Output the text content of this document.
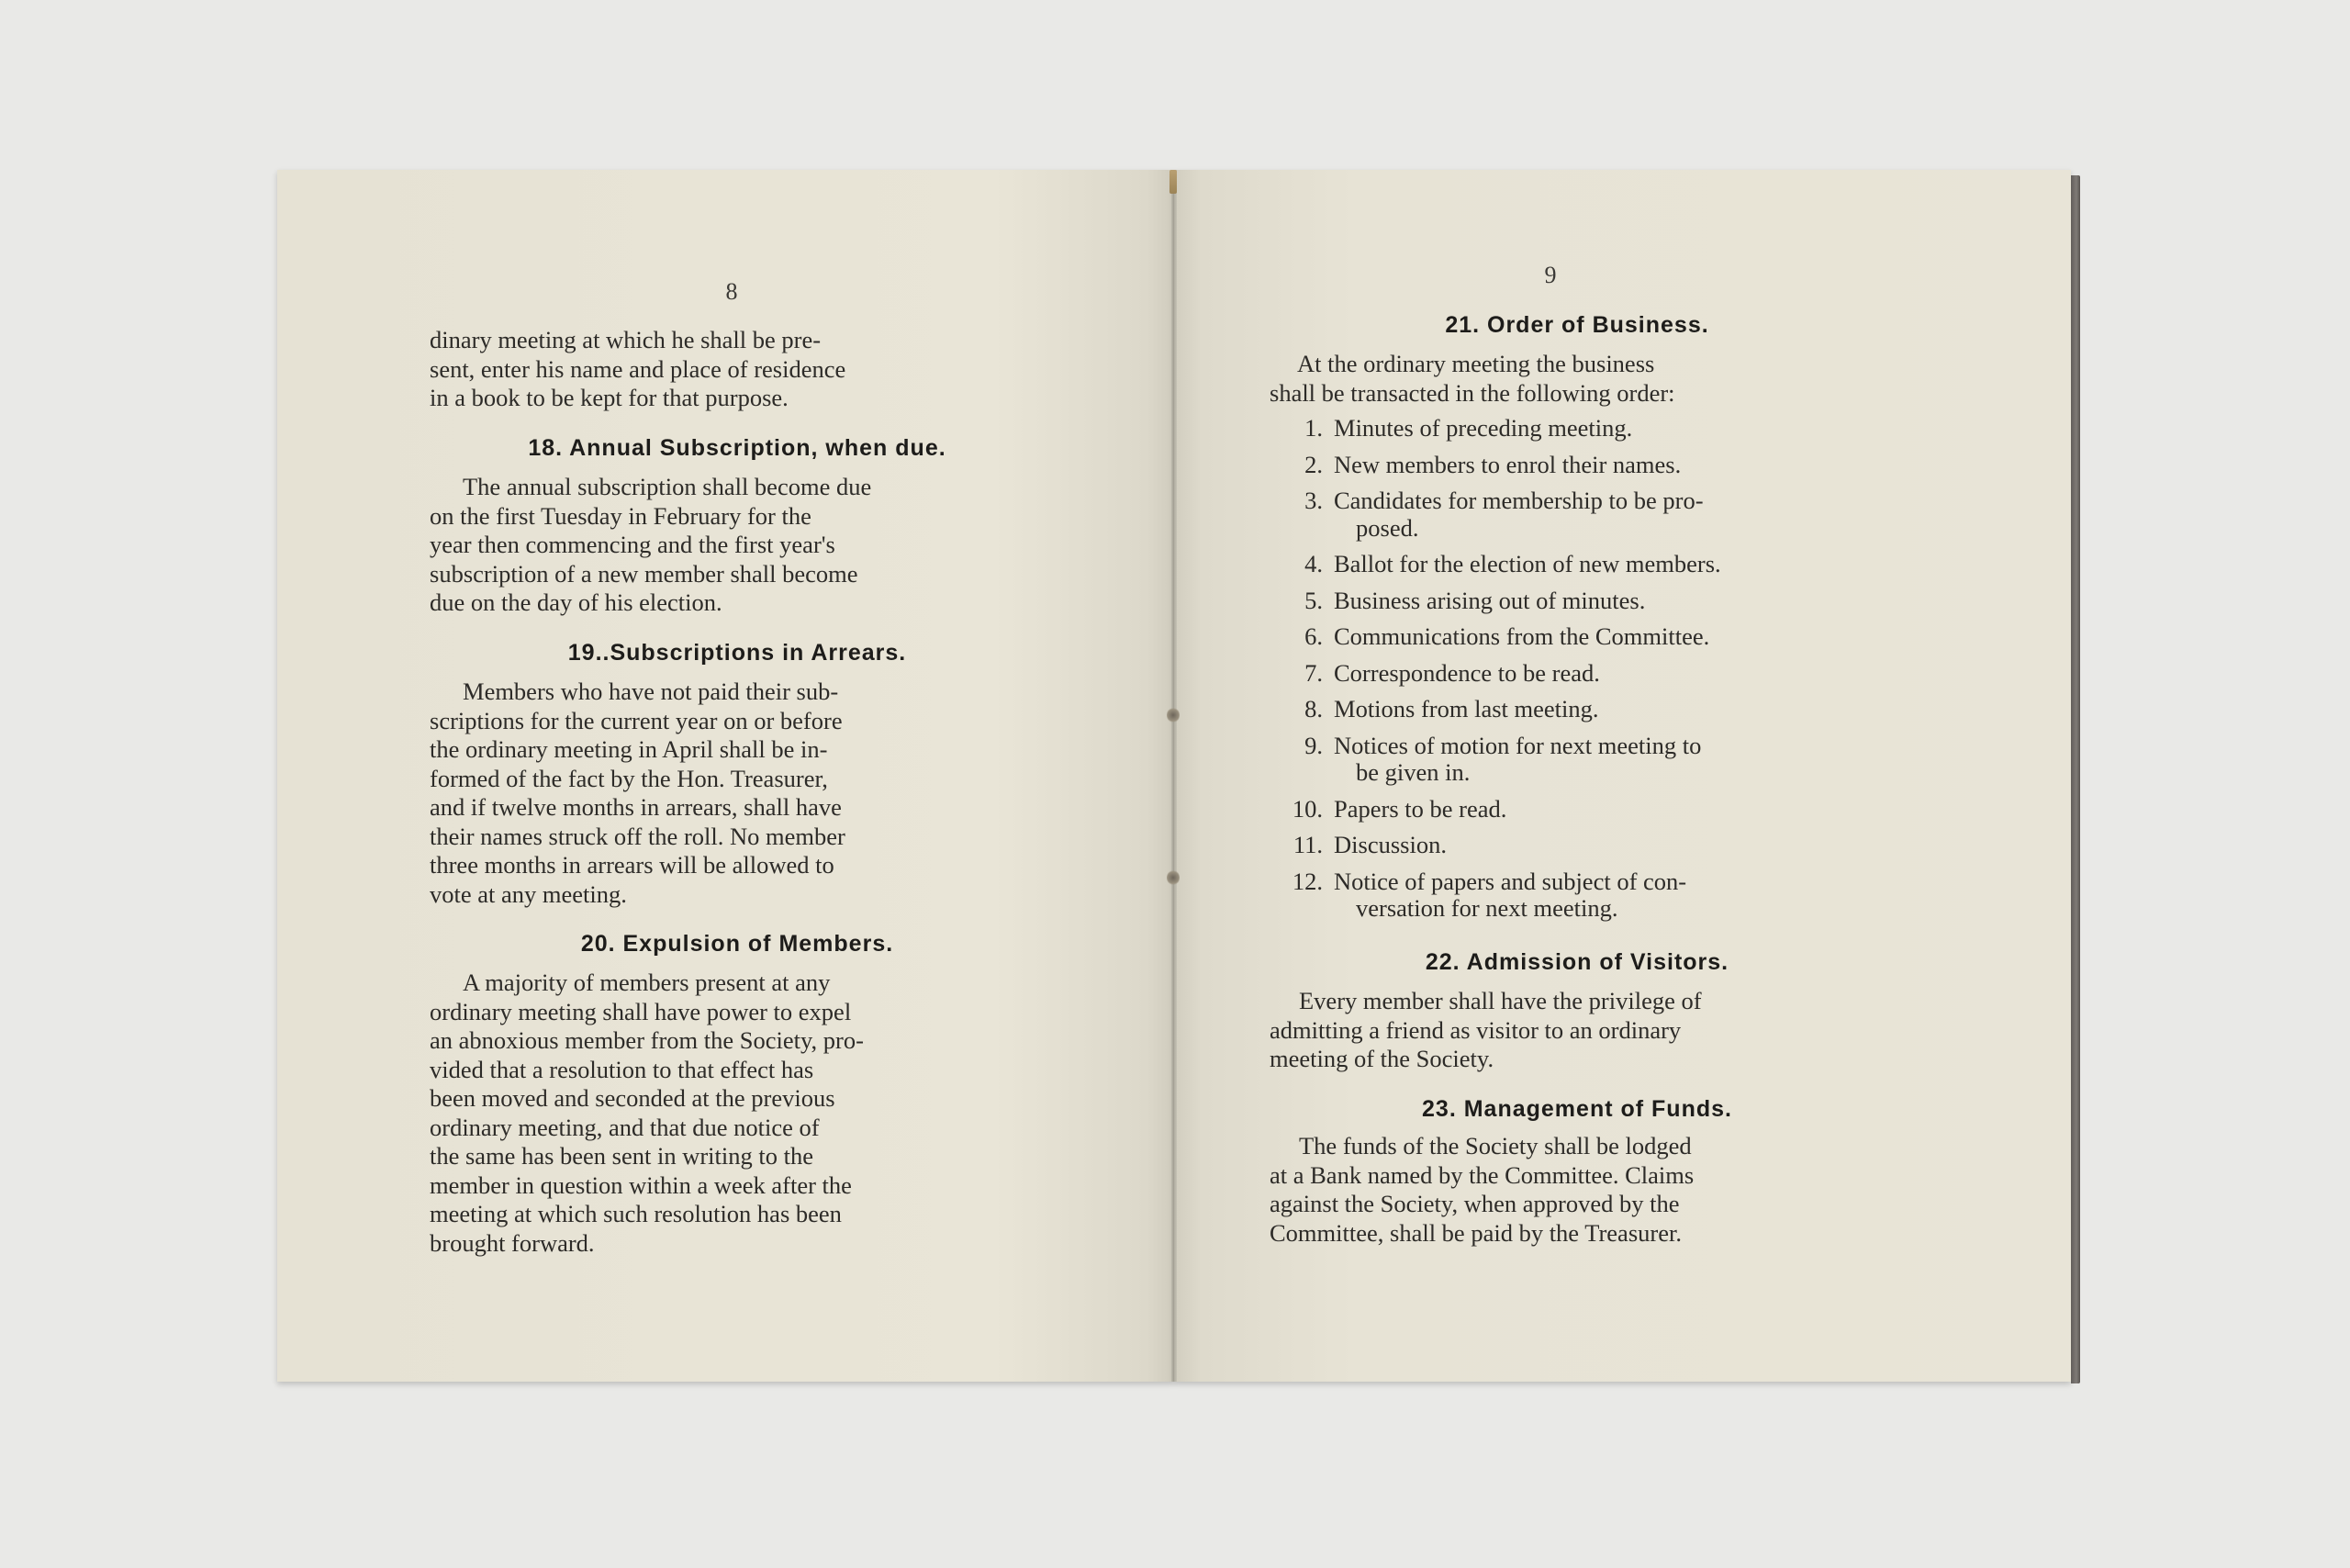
8
dinary meeting at which he shall be pre-
sent, enter his name and place of residence
in a book to be kept for that purpose.
18. Annual Subscription, when due.
The annual subscription shall become due
on the first Tuesday in February for the
year then commencing and the first year's
subscription of a new member shall become
due on the day of his election.
19..Subscriptions in Arrears.
Members who have not paid their sub-
scriptions for the current year on or before
the ordinary meeting in April shall be in-
formed of the fact by the Hon. Treasurer,
and if twelve months in arrears, shall have
their names struck off the roll. No member
three months in arrears will be allowed to
vote at any meeting.
20. Expulsion of Members.
A majority of members present at any
ordinary meeting shall have power to expel
an abnoxious member from the Society, pro-
vided that a resolution to that effect has
been moved and seconded at the previous
ordinary meeting, and that due notice of
the same has been sent in writing to the
member in question within a week after the
meeting at which such resolution has been
brought forward.
9
21. Order of Business.
At the ordinary meeting the business
shall be transacted in the following order:
1. Minutes of preceding meeting.
2. New members to enrol their names.
3. Candidates for membership to be pro-
posed.
4. Ballot for the election of new members.
5. Business arising out of minutes.
6. Communications from the Committee.
7. Correspondence to be read.
8. Motions from last meeting.
9. Notices of motion for next meeting to
be given in.
10. Papers to be read.
11. Discussion.
12. Notice of papers and subject of con-
versation for next meeting.
22. Admission of Visitors.
Every member shall have the privilege of
admitting a friend as visitor to an ordinary
meeting of the Society.
23. Management of Funds.
The funds of the Society shall be lodged
at a Bank named by the Committee. Claims
against the Society, when approved by the
Committee, shall be paid by the Treasurer.
